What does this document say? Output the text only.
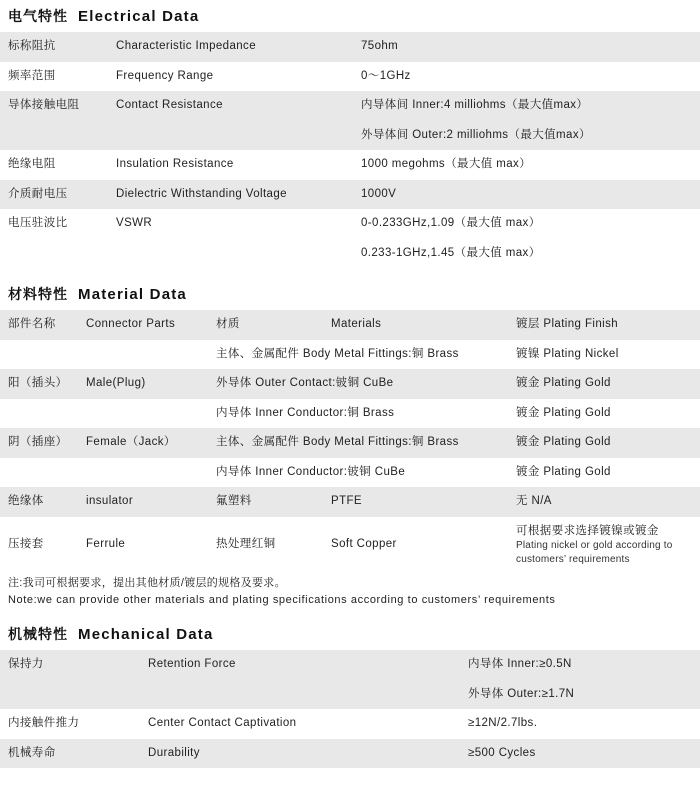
电气特性 Electrical Data
标称阻抗	Characteristic Impedance	75ohm
频率范围	Frequency Range	0～1GHz
导体接触电阻	Contact Resistance	内导体间 Inner:4 milliohms（最大值max）
		外导体间 Outer:2 milliohms（最大值max）
绝缘电阻	Insulation Resistance	1000 megohms（最大值 max）
介质耐电压	Dielectric Withstanding Voltage	1000V
电压驻波比	VSWR	0-0.233GHz,1.09（最大值 max）
		0.233-1GHz,1.45（最大值 max）
材料特性 Material Data
部件名称	Connector Parts	材质	Materials	镀层 Plating Finish
		主体、金属配件 Body Metal Fittings:铜 Brass		镀镍 Plating Nickel
阳（插头）	Male(Plug)	外导体 Outer Contact:铍铜 CuBe		镀金 Plating Gold
		内导体 Inner Conductor:铜 Brass		镀金 Plating Gold
阴（插座）	Female（Jack）	主体、金属配件 Body Metal Fittings:铜 Brass		镀金 Plating Gold
		内导体 Inner Conductor:铍铜 CuBe		镀金 Plating Gold
绝缘体	insulator	氟塑料	PTFE	无 N/A
压接套	Ferrule	热处理红铜	Soft Copper	可根据要求选择镀镍或镀金
Plating nickel or gold according to customers’ requirements
注:我司可根据要求，提出其他材质/镀层的规格及要求。
Note:we can provide other materials and plating specifications according to customers’ requirements
机械特性 Mechanical Data
保持力	Retention Force	内导体 Inner:≥0.5N
		外导体 Outer:≥1.7N
内接触件推力	Center Contact Captivation	≥12N/2.7lbs.
机械寿命	Durability	≥500 Cycles
